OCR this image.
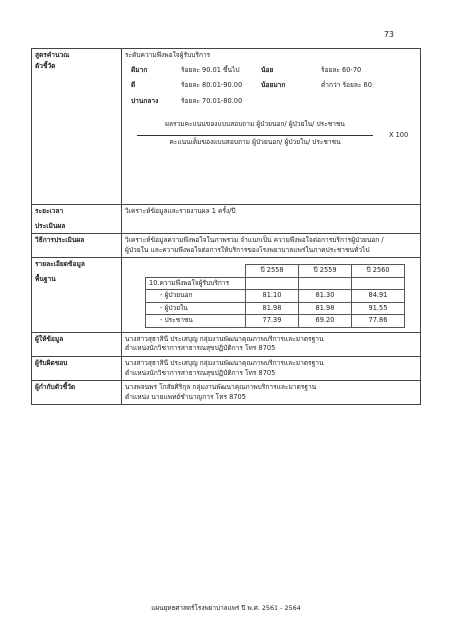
73
สูตรคำนวณ
ตัวชี้วัด

ระดับความพึงพอใจผู้รับบริการ
ดีมาก	ร้อยละ 90.01 ขึ้นไป	น้อย	ร้อยละ 60-70
ดี	ร้อยละ 80.01-90.00	น้อยมาก	ต่ำกว่า ร้อยละ 60
ปานกลาง	ร้อยละ 70.01-80.00
ผลรวมคะแนนของแบบสอบถาม ผู้ป่วยนอก/ ผู้ป่วยใน/ ประชาชน
คะแนนเต็มของแบบสอบถาม ผู้ป่วยนอก/ ผู้ป่วยใน/ ประชาชน
X 100

ระยะเวลา
ประเมินผล
	วิเคราะห์ข้อมูลและรายงานผล 1 ครั้ง/ปี
วิธีการประเมินผล	วิเคราะห์ข้อมูลความพึงพอใจในภาพรวม จำแนกเป็น ความพึงพอใจต่อการบริการผู้ป่วยนอก /
ผู้ป่วยใน และความพึงพอใจต่อการให้บริการของโรงพยาบาลแพร่ในภาคประชาชนทั่วไป

รายละเอียดข้อมูล
พื้นฐาน

	ปี 2558	ปี 2559	ปี 2560
10.ความพึงพอใจผู้รับบริการ			
- ผู้ป่วยนอก	81.10	81.30	84.91
- ผู้ป่วยใน	81.98	81.98	91.55
- ประชาชน	77.39	69.20	77.86

ผู้ให้ข้อมูล	นางสาวสุธาสินี ประเสบุญ กลุ่มงานพัฒนาคุณภาพบริการและมาตรฐาน
ตำแหน่งนักวิชาการสาธารณสุขปฏิบัติการ โทร 8705

ผู้รับผิดชอบ	นางสาวสุธาสินี ประเสบุญ กลุ่มงานพัฒนาคุณภาพบริการและมาตรฐาน
ตำแหน่งนักวิชาการสาธารณสุขปฏิบัติการ โทร 8705

ผู้กำกับตัวชี้วัด	นางพจนพร โกสัยศิริกุล กลุ่มงานพัฒนาคุณภาพบริการและมาตรฐาน
ตำแหน่ง นายแพทย์ชำนาญการ โทร 8705
แผนยุทธศาสตร์โรงพยาบาลแพร่ ปี พ.ศ. 2561 - 2564
